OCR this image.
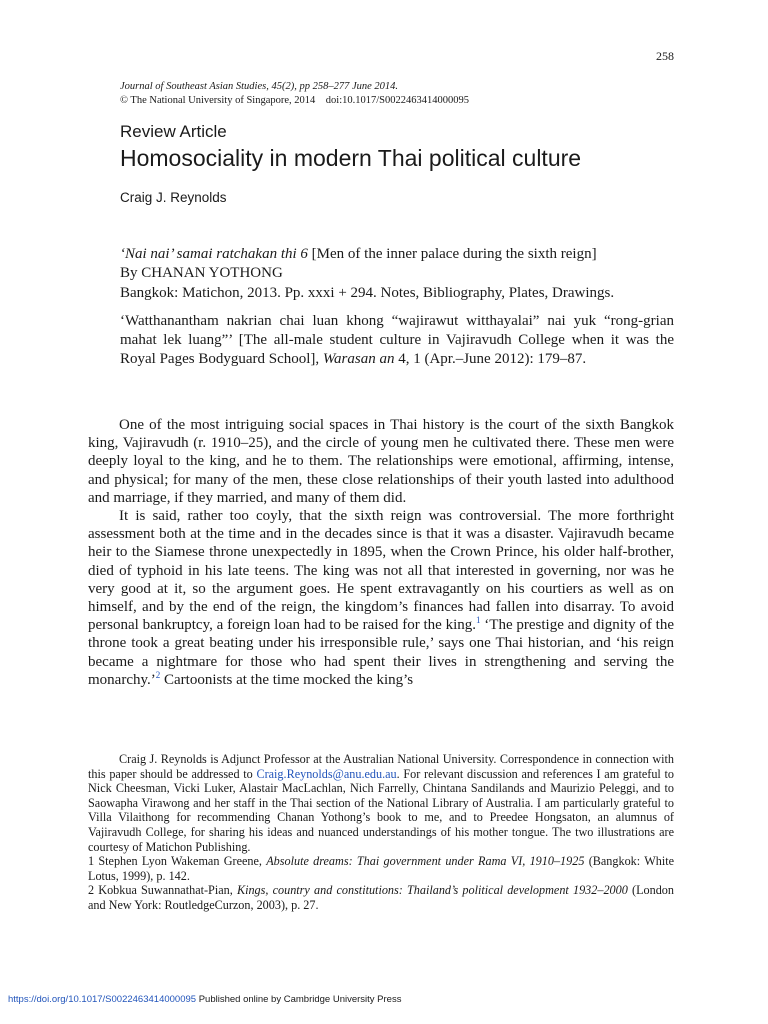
258
Journal of Southeast Asian Studies, 45(2), pp 258–277 June 2014.
© The National University of Singapore, 2014 doi:10.1017/S0022463414000095
Review Article
Homosociality in modern Thai political culture
Craig J. Reynolds

‘Nai nai’ samai ratchakan thi 6 [Men of the inner palace during the sixth reign]

By CHANAN YOTHONG

Bangkok: Matichon, 2013. Pp. xxxi + 294. Notes, Bibliography, Plates, Drawings.

‘Watthanantham nakrian chai luan khong “wajirawut witthayalai” nai yuk “rong-grian mahat lek luang”’ [The all-male student culture in Vajiravudh College when it was the Royal Pages Bodyguard School], Warasan an 4, 1 (Apr.–June 2012): 179–87.

One of the most intriguing social spaces in Thai history is the court of the sixth Bangkok king, Vajiravudh (r. 1910–25), and the circle of young men he cultivated there. These men were deeply loyal to the king, and he to them. The relationships were emotional, affirming, intense, and physical; for many of the men, these close relationships of their youth lasted into adulthood and marriage, if they married, and many of them did.

It is said, rather too coyly, that the sixth reign was controversial. The more forthright assessment both at the time and in the decades since is that it was a disaster. Vajiravudh became heir to the Siamese throne unexpectedly in 1895, when the Crown Prince, his older half-brother, died of typhoid in his late teens. The king was not all that interested in governing, nor was he very good at it, so the argument goes. He spent extravagantly on his courtiers as well as on himself, and by the end of the reign, the kingdom’s finances had fallen into disarray. To avoid personal bankruptcy, a foreign loan had to be raised for the king.$^1$ ‘The prestige and dignity of the throne took a great beating under his irresponsible rule,’ says one Thai historian, and ‘his reign became a nightmare for those who had spent their lives in strengthening and serving the monarchy.’$^2$ Cartoonists at the time mocked the king’s

Craig J. Reynolds is Adjunct Professor at the Australian National University. Correspondence in connection with this paper should be addressed to Craig.Reynolds@anu.edu.au. For relevant discussion and references I am grateful to Nick Cheesman, Vicki Luker, Alastair MacLachlan, Nich Farrelly, Chintana Sandilands and Maurizio Peleggi, and to Saowapha Virawong and her staff in the Thai section of the National Library of Australia. I am particularly grateful to Villa Vilaithong for recommending Chanan Yothong’s book to me, and to Preedee Hongsaton, an alumnus of Vajiravudh College, for sharing his ideas and nuanced understandings of his mother tongue. The two illustrations are courtesy of Matichon Publishing.

1 Stephen Lyon Wakeman Greene, Absolute dreams: Thai government under Rama VI, 1910–1925 (Bangkok: White Lotus, 1999), p. 142.

2 Kobkua Suwannathat-Pian, Kings, country and constitutions: Thailand’s political development 1932–2000 (London and New York: RoutledgeCurzon, 2003), p. 27.

https://doi.org/10.1017/S0022463414000095 Published online by Cambridge University Press
